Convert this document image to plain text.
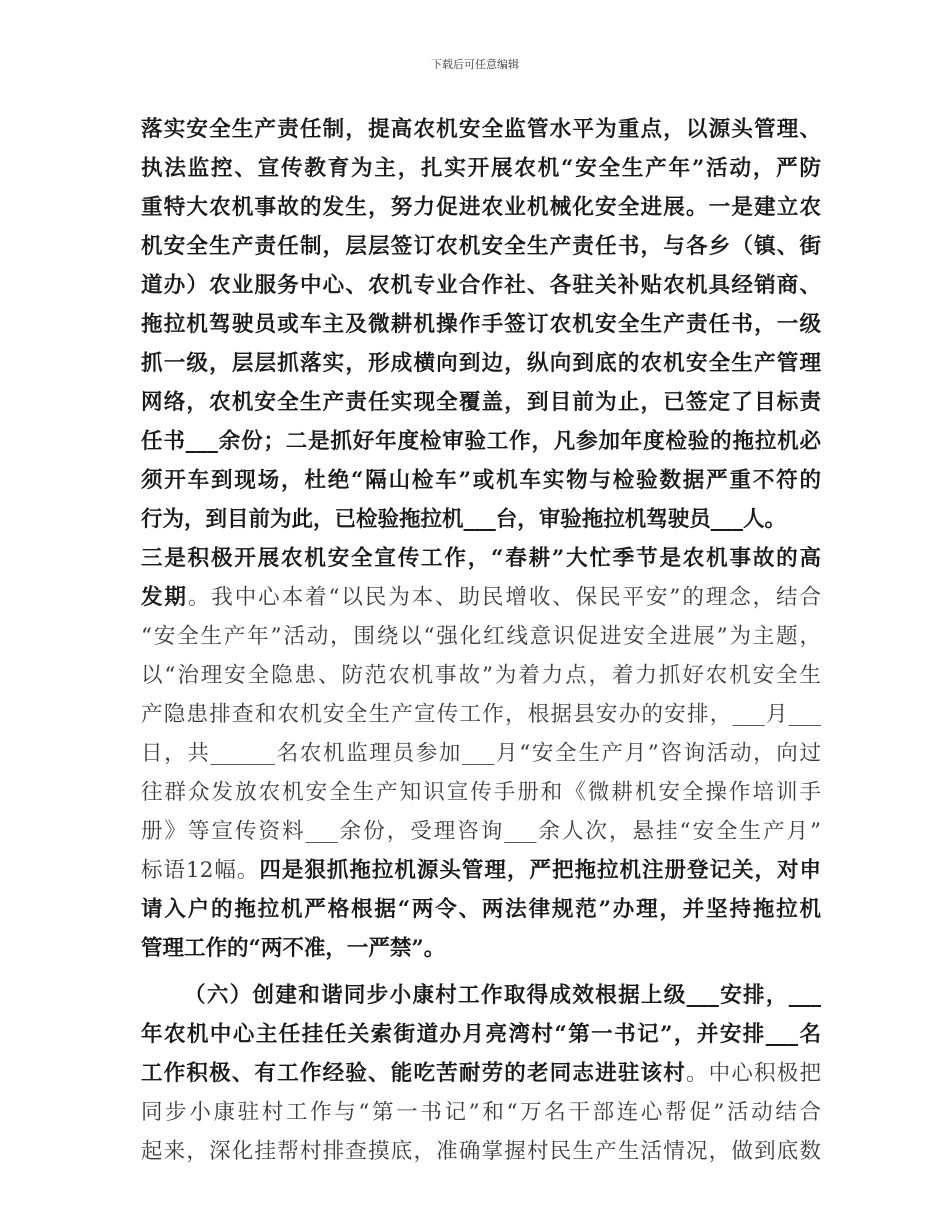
下载后可任意编辑
落实安全生产责任制，提高农机安全监管水平为重点，以源头管理、
执法监控、宣传教育为主，扎实开展农机“安全生产年”活动，严防
重特大农机事故的发生，努力促进农业机械化安全进展。一是建立农
机安全生产责任制，层层签订农机安全生产责任书，与各乡（镇、街
道办）农业服务中心、农机专业合作社、各驻关补贴农机具经销商、
拖拉机驾驶员或车主及微耕机操作手签订农机安全生产责任书，一级
抓一级，层层抓落实，形成横向到边，纵向到底的农机安全生产管理
网络，农机安全生产责任实现全覆盖，到目前为止，已签定了目标责
任书___余份；二是抓好年度检审验工作，凡参加年度检验的拖拉机必
须开车到现场，杜绝“隔山检车”或机车实物与检验数据严重不符的
行为，到目前为此，已检验拖拉机___台，审验拖拉机驾驶员___人。
三是积极开展农机安全宣传工作，“春耕”大忙季节是农机事故的高
发期。我中心本着“以民为本、助民增收、保民平安”的理念，结合
“安全生产年”活动，围绕以“强化红线意识促进安全进展”为主题，
以“治理安全隐患、防范农机事故”为着力点，着力抓好农机安全生
产隐患排查和农机安全生产宣传工作，根据县安办的安排，___月___
日，共______名农机监理员参加___月“安全生产月”咨询活动，向过
往群众发放农机安全生产知识宣传手册和《微耕机安全操作培训手
册》等宣传资料___余份，受理咨询___余人次，悬挂“安全生产月”
标语12幅。四是狠抓拖拉机源头管理，严把拖拉机注册登记关，对申
请入户的拖拉机严格根据“两令、两法律规范”办理，并坚持拖拉机
管理工作的“两不准，一严禁”。
（六）创建和谐同步小康村工作取得成效根据上级___安排，___
年农机中心主任挂任关索街道办月亮湾村“第一书记”，并安排___名
工作积极、有工作经验、能吃苦耐劳的老同志进驻该村。中心积极把
同步小康驻村工作与“第一书记”和“万名干部连心帮促”活动结合
起来，深化挂帮村排查摸底，准确掌握村民生产生活情况，做到底数
